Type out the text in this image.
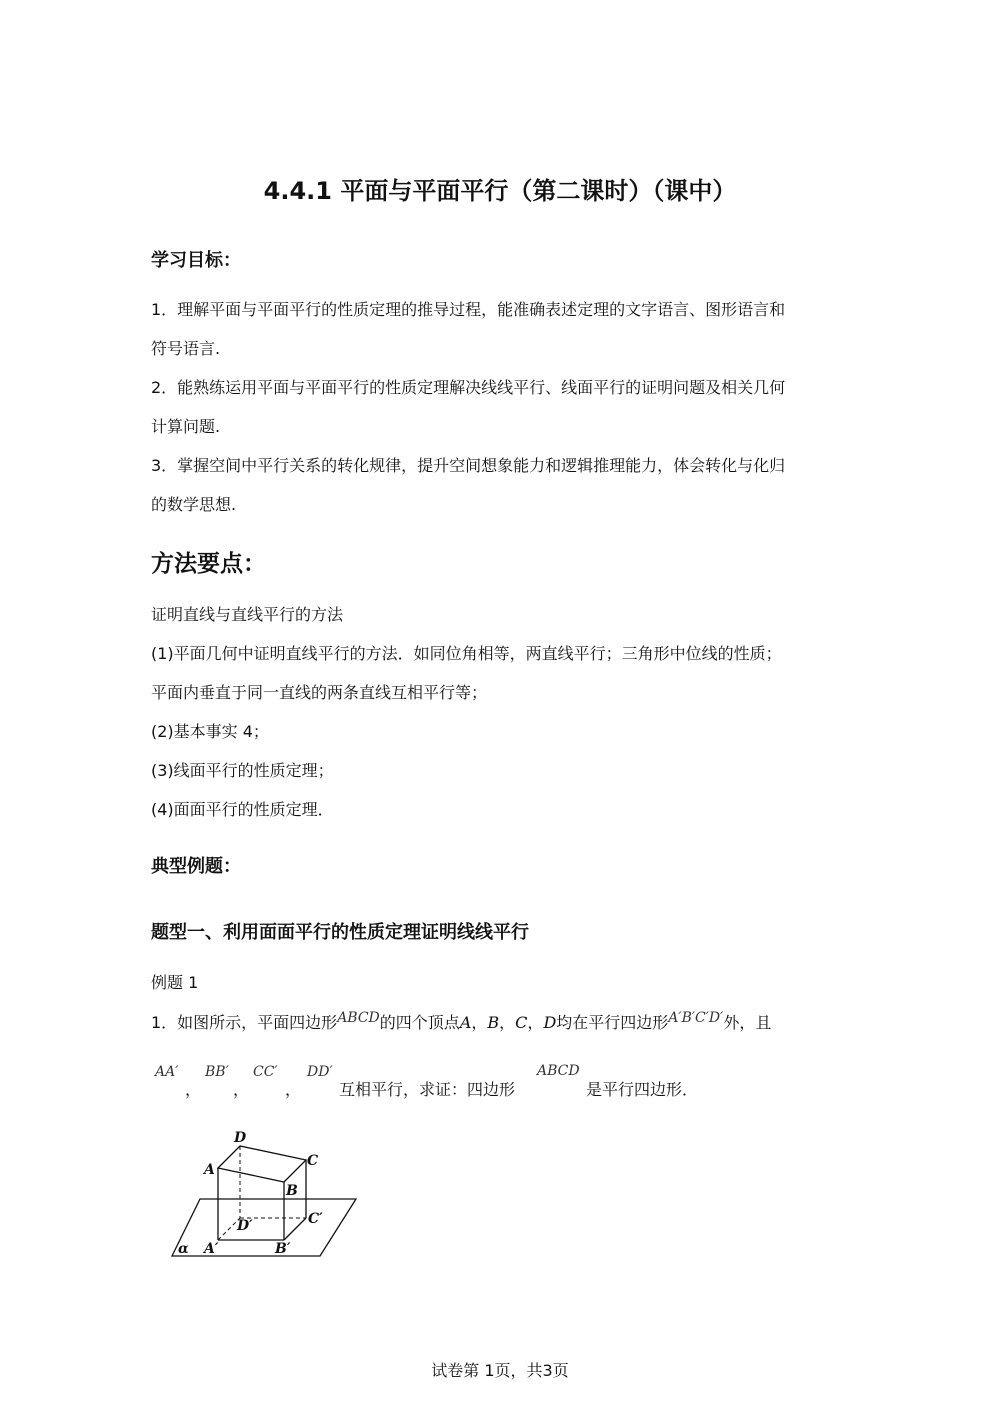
4.4.1 平面与平面平行（第二课时）（课中）
学习目标：
1．理解平面与平面平行的性质定理的推导过程，能准确表述定理的文字语言、图形语言和
符号语言.
2．能熟练运用平面与平面平行的性质定理解决线线平行、线面平行的证明问题及相关几何
计算问题.
3．掌握空间中平行关系的转化规律，提升空间想象能力和逻辑推理能力，体会转化与化归
的数学思想.
方法要点：
证明直线与直线平行的方法
(1)平面几何中证明直线平行的方法．如同位角相等，两直线平行；三角形中位线的性质；
平面内垂直于同一直线的两条直线互相平行等；
(2)基本事实 4；
(3)线面平行的性质定理；
(4)面面平行的性质定理．
典型例题：
题型一、利用面面平行的性质定理证明线线平行
例题 1
1．如图所示，平面四边形ABCD的四个顶点A，B，C，D均在平行四边形A′B′C′D′外，且
AA′
，
BB′
，
CC′
，
DD′
互相平行，求证：四边形
ABCD
是平行四边形．
D
A
C
B
D′	C′
A′	B′
α
试卷第 1页，共3页
